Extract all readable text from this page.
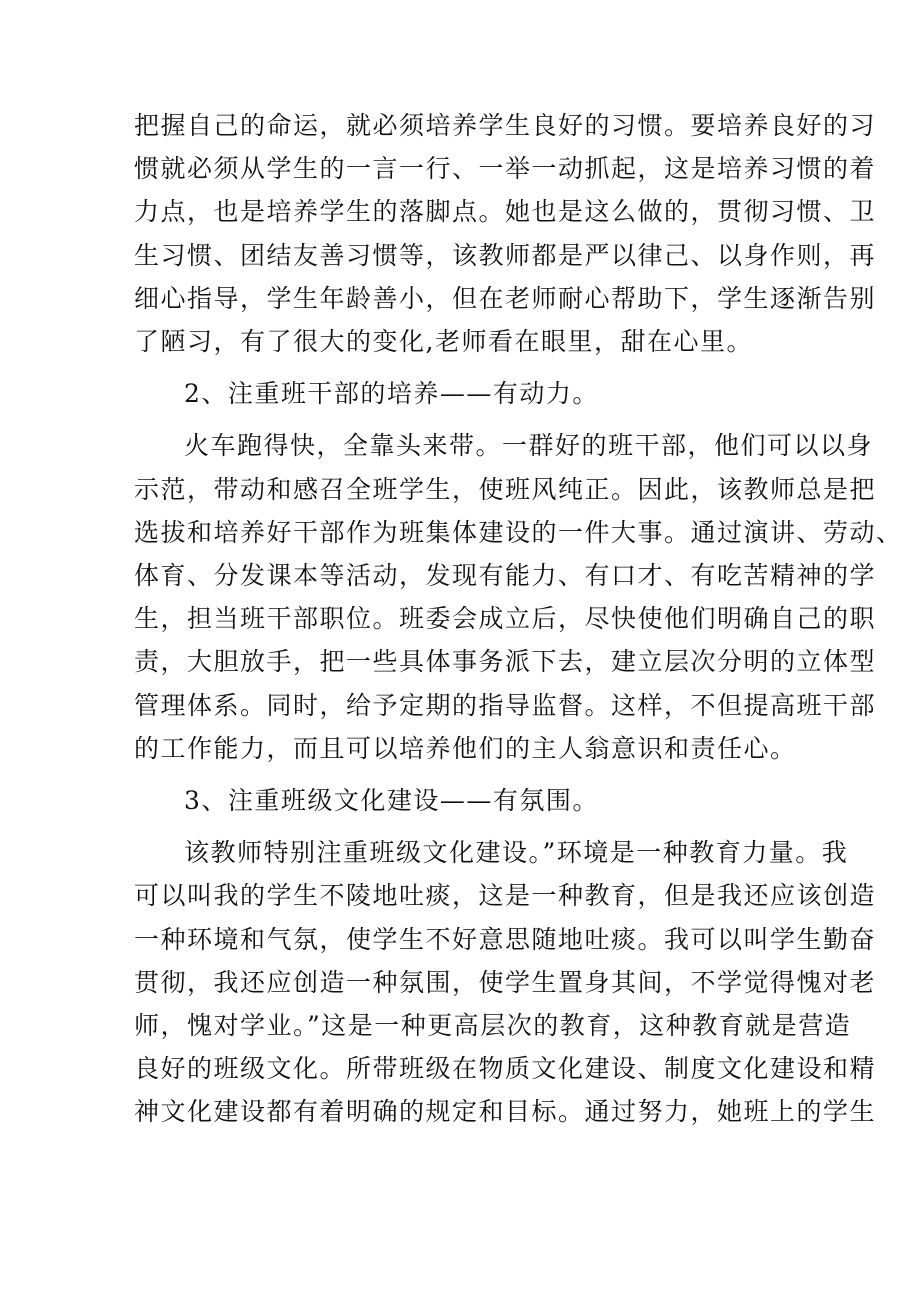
把握自己的命运，就必须培养学生良好的习惯。要培养良好的习
惯就必须从学生的一言一行、一举一动抓起，这是培养习惯的着
力点，也是培养学生的落脚点。她也是这么做的，贯彻习惯、卫
生习惯、团结友善习惯等，该教师都是严以律己、以身作则，再
细心指导，学生年龄善小，但在老师耐心帮助下，学生逐渐告别
了陋习，有了很大的变化,老师看在眼里，甜在心里。

2、注重班干部的培养——有动力。

火车跑得快，全靠头来带。一群好的班干部，他们可以以身
示范，带动和感召全班学生，使班风纯正。因此，该教师总是把
选拔和培养好干部作为班集体建设的一件大事。通过演讲、劳动、
体育、分发课本等活动，发现有能力、有口才、有吃苦精神的学
生，担当班干部职位。班委会成立后，尽快使他们明确自己的职
责，大胆放手，把一些具体事务派下去，建立层次分明的立体型
管理体系。同时，给予定期的指导监督。这样，不但提高班干部
的工作能力，而且可以培养他们的主人翁意识和责任心。

3、注重班级文化建设——有氛围。

该教师特别注重班级文化建设。”环境是一种教育力量。我
可以叫我的学生不陵地吐痰，这是一种教育，但是我还应该创造
一种环境和气氛，使学生不好意思随地吐痰。我可以叫学生勤奋
贯彻，我还应创造一种氛围，使学生置身其间，不学觉得愧对老
师，愧对学业。”这是一种更高层次的教育，这种教育就是营造
良好的班级文化。所带班级在物质文化建设、制度文化建设和精
神文化建设都有着明确的规定和目标。通过努力，她班上的学生
